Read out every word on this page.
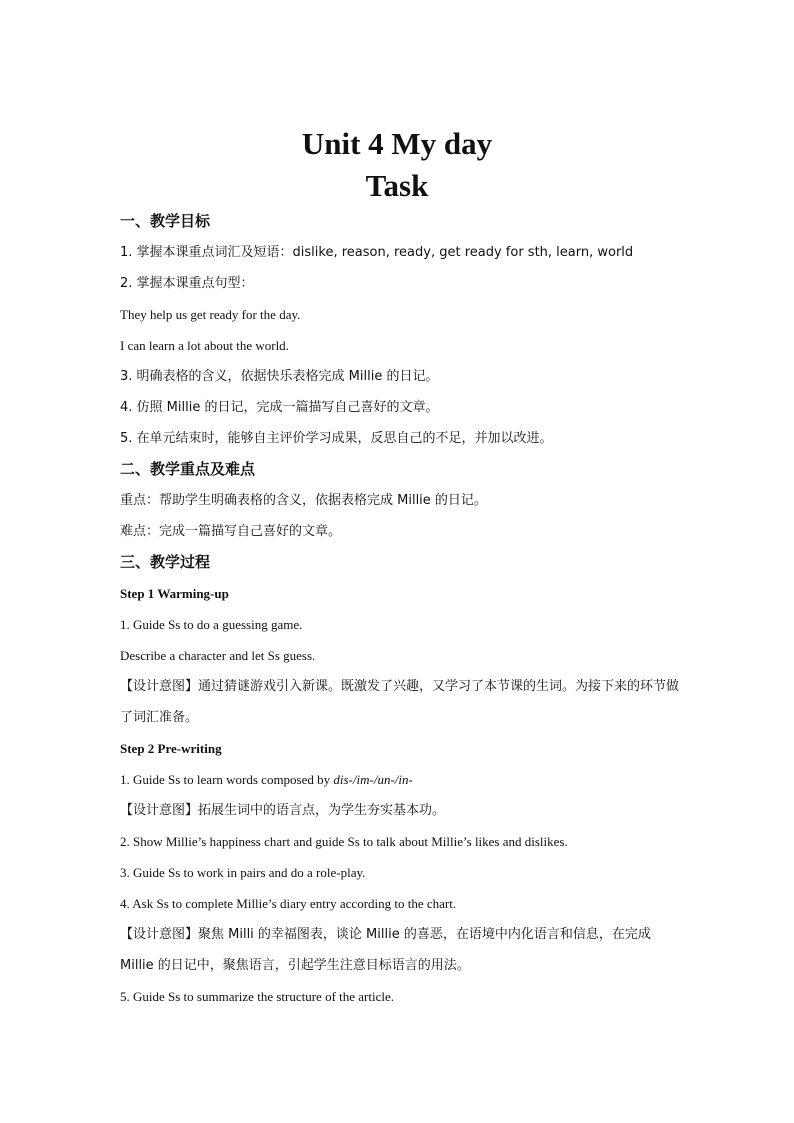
Unit 4 My day
Task
一、教学目标
1. 掌握本课重点词汇及短语：dislike, reason, ready, get ready for sth, learn, world
2. 掌握本课重点句型：
They help us get ready for the day.
I can learn a lot about the world.
3. 明确表格的含义，依据快乐表格完成 Millie 的日记。
4. 仿照 Millie 的日记，完成一篇描写自己喜好的文章。
5. 在单元结束时，能够自主评价学习成果，反思自己的不足，并加以改进。
二、教学重点及难点
重点：帮助学生明确表格的含义，依据表格完成 Millie 的日记。
难点：完成一篇描写自己喜好的文章。
三、教学过程
Step 1 Warming-up
1. Guide Ss to do a guessing game.
Describe a character and let Ss guess.
【设计意图】通过猜谜游戏引入新课。既激发了兴趣，又学习了本节课的生词。为接下来的环节做了词汇准备。
Step 2 Pre-writing
1. Guide Ss to learn words composed by dis-/im-/un-/in-
【设计意图】拓展生词中的语言点，为学生夯实基本功。
2. Show Millie’s happiness chart and guide Ss to talk about Millie’s likes and dislikes.
3. Guide Ss to work in pairs and do a role-play.
4. Ask Ss to complete Millie’s diary entry according to the chart.
【设计意图】聚焦 Milli 的幸福图表，谈论 Millie 的喜恶，在语境中内化语言和信息，在完成 Millie 的日记中，聚焦语言，引起学生注意目标语言的用法。
5. Guide Ss to summarize the structure of the article.
